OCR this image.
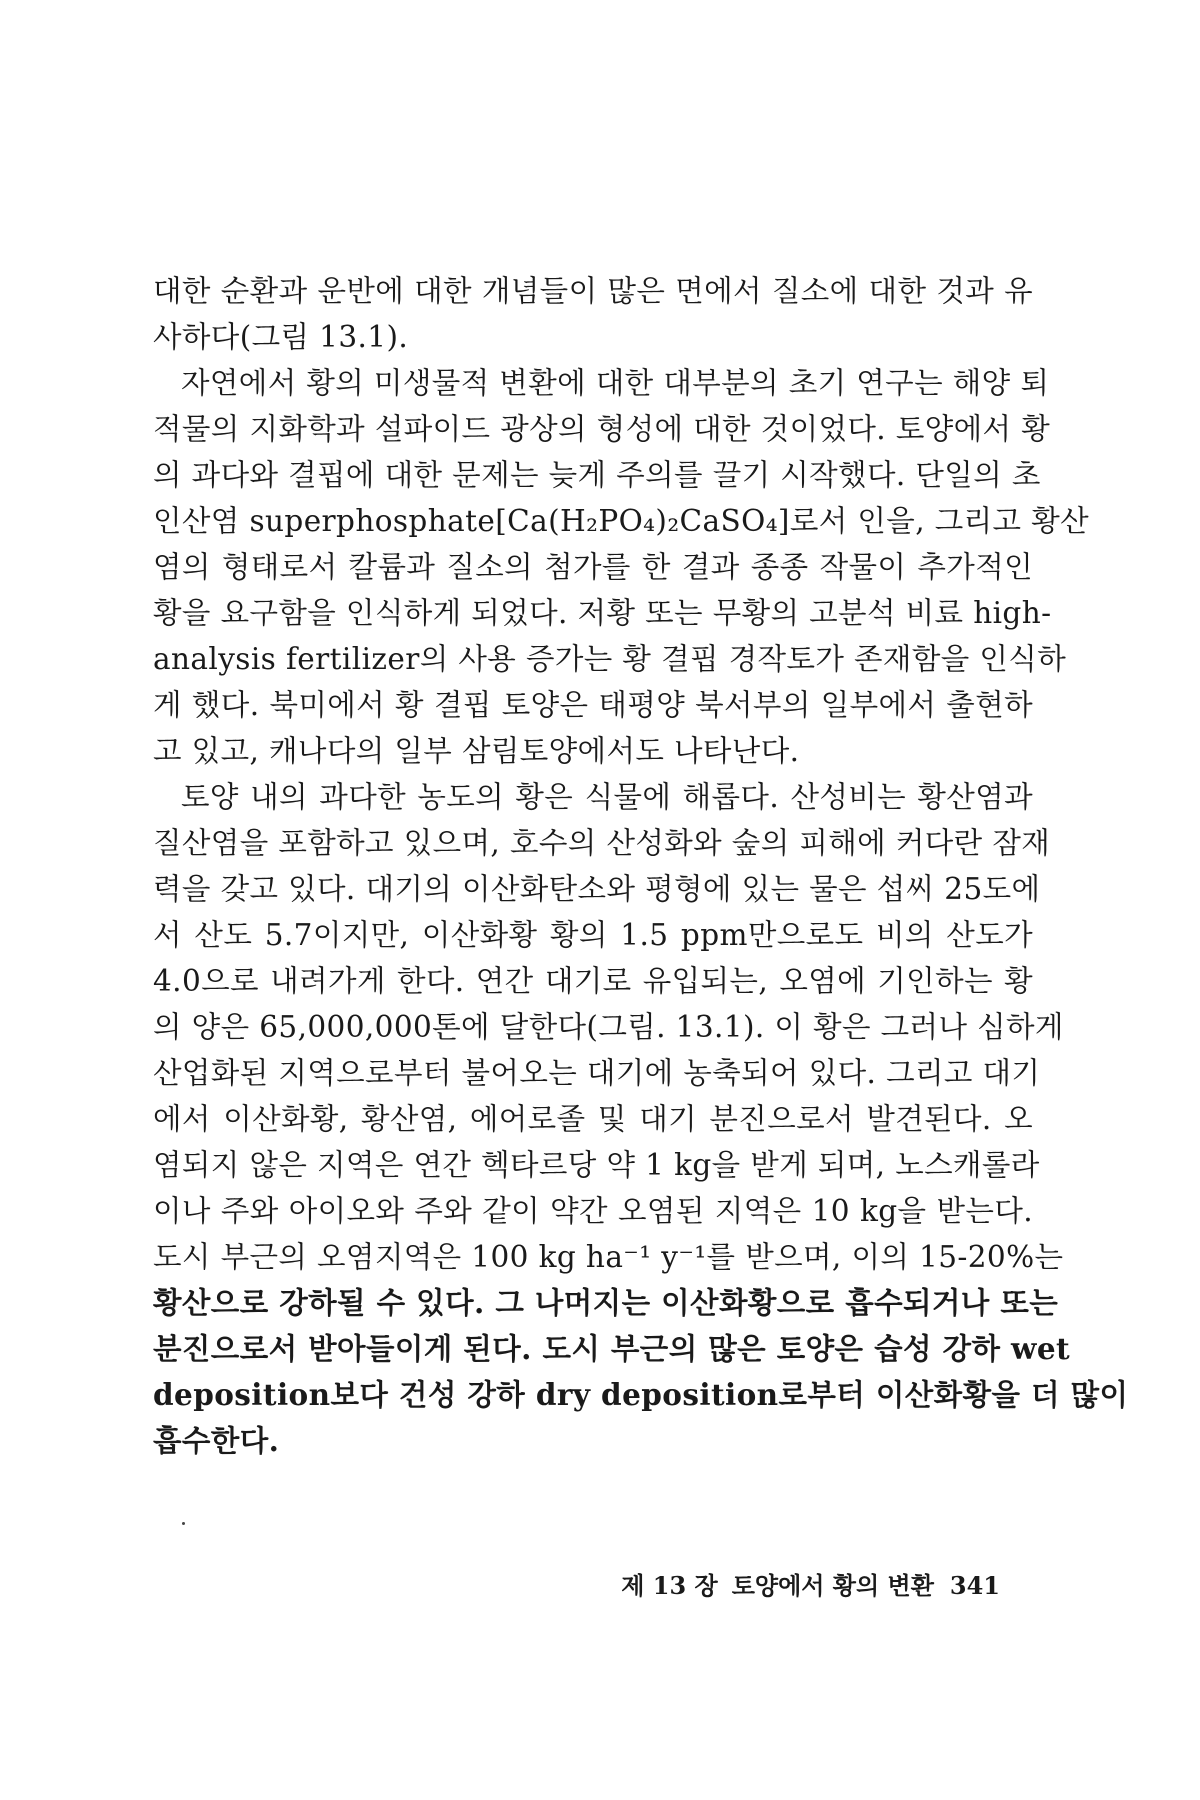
대한 순환과 운반에 대한 개념들이 많은 면에서 질소에 대한 것과 유
사하다(그림 13.1).
자연에서 황의 미생물적 변환에 대한 대부분의 초기 연구는 해양 퇴
적물의 지화학과 설파이드 광상의 형성에 대한 것이었다. 토양에서 황
의 과다와 결핍에 대한 문제는 늦게 주의를 끌기 시작했다. 단일의 초
인산염 superphosphate[Ca(H₂PO₄)₂CaSO₄]로서 인을, 그리고 황산
염의 형태로서 칼륨과 질소의 첨가를 한 결과 종종 작물이 추가적인
황을 요구함을 인식하게 되었다. 저황 또는 무황의 고분석 비료 high-
analysis fertilizer의 사용 증가는 황 결핍 경작토가 존재함을 인식하
게 했다. 북미에서 황 결핍 토양은 태평양 북서부의 일부에서 출현하
고 있고, 캐나다의 일부 삼림토양에서도 나타난다.
토양 내의 과다한 농도의 황은 식물에 해롭다. 산성비는 황산염과
질산염을 포함하고 있으며, 호수의 산성화와 숲의 피해에 커다란 잠재
력을 갖고 있다. 대기의 이산화탄소와 평형에 있는 물은 섭씨 25도에
서 산도 5.7이지만, 이산화황 황의 1.5 ppm만으로도 비의 산도가
4.0으로 내려가게 한다. 연간 대기로 유입되는, 오염에 기인하는 황
의 양은 65,000,000톤에 달한다(그림. 13.1). 이 황은 그러나 심하게
산업화된 지역으로부터 불어오는 대기에 농축되어 있다. 그리고 대기
에서 이산화황, 황산염, 에어로졸 및 대기 분진으로서 발견된다. 오
염되지 않은 지역은 연간 헥타르당 약 1 kg을 받게 되며, 노스캐롤라
이나 주와 아이오와 주와 같이 약간 오염된 지역은 10 kg을 받는다.
도시 부근의 오염지역은 100 kg ha⁻¹ y⁻¹를 받으며, 이의 15-20%는
황산으로 강하될 수 있다. 그 나머지는 이산화황으로 흡수되거나 또는
분진으로서 받아들이게 된다. 도시 부근의 많은 토양은 습성 강하 wet
deposition보다 건성 강하 dry deposition로부터 이산화황을 더 많이
흡수한다.
제 13 장 토양에서 황의 변환 341
